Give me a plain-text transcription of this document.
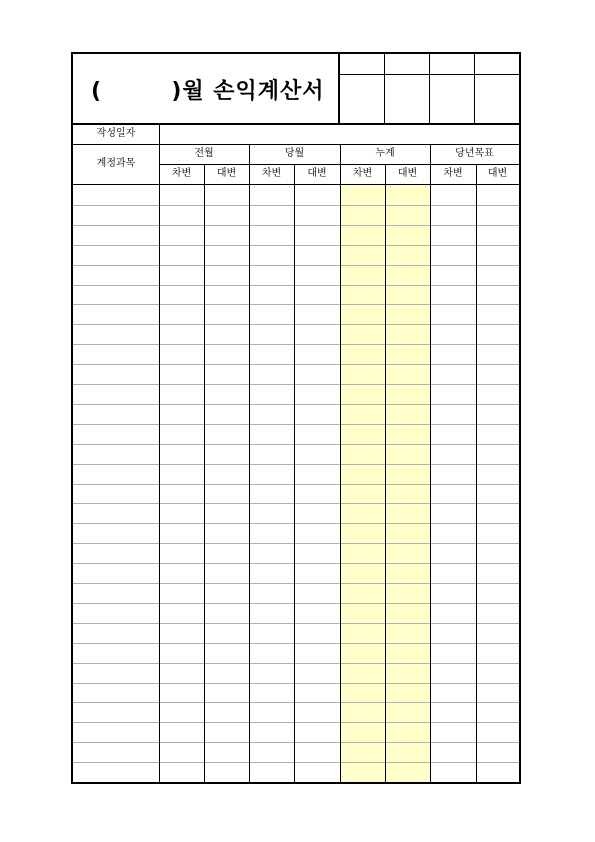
(        )월 손익계산서
작성일자
계정과목
전월	당월	누계	당년목표
차변	대변	차변	대변	차변	대변	차변	대변
